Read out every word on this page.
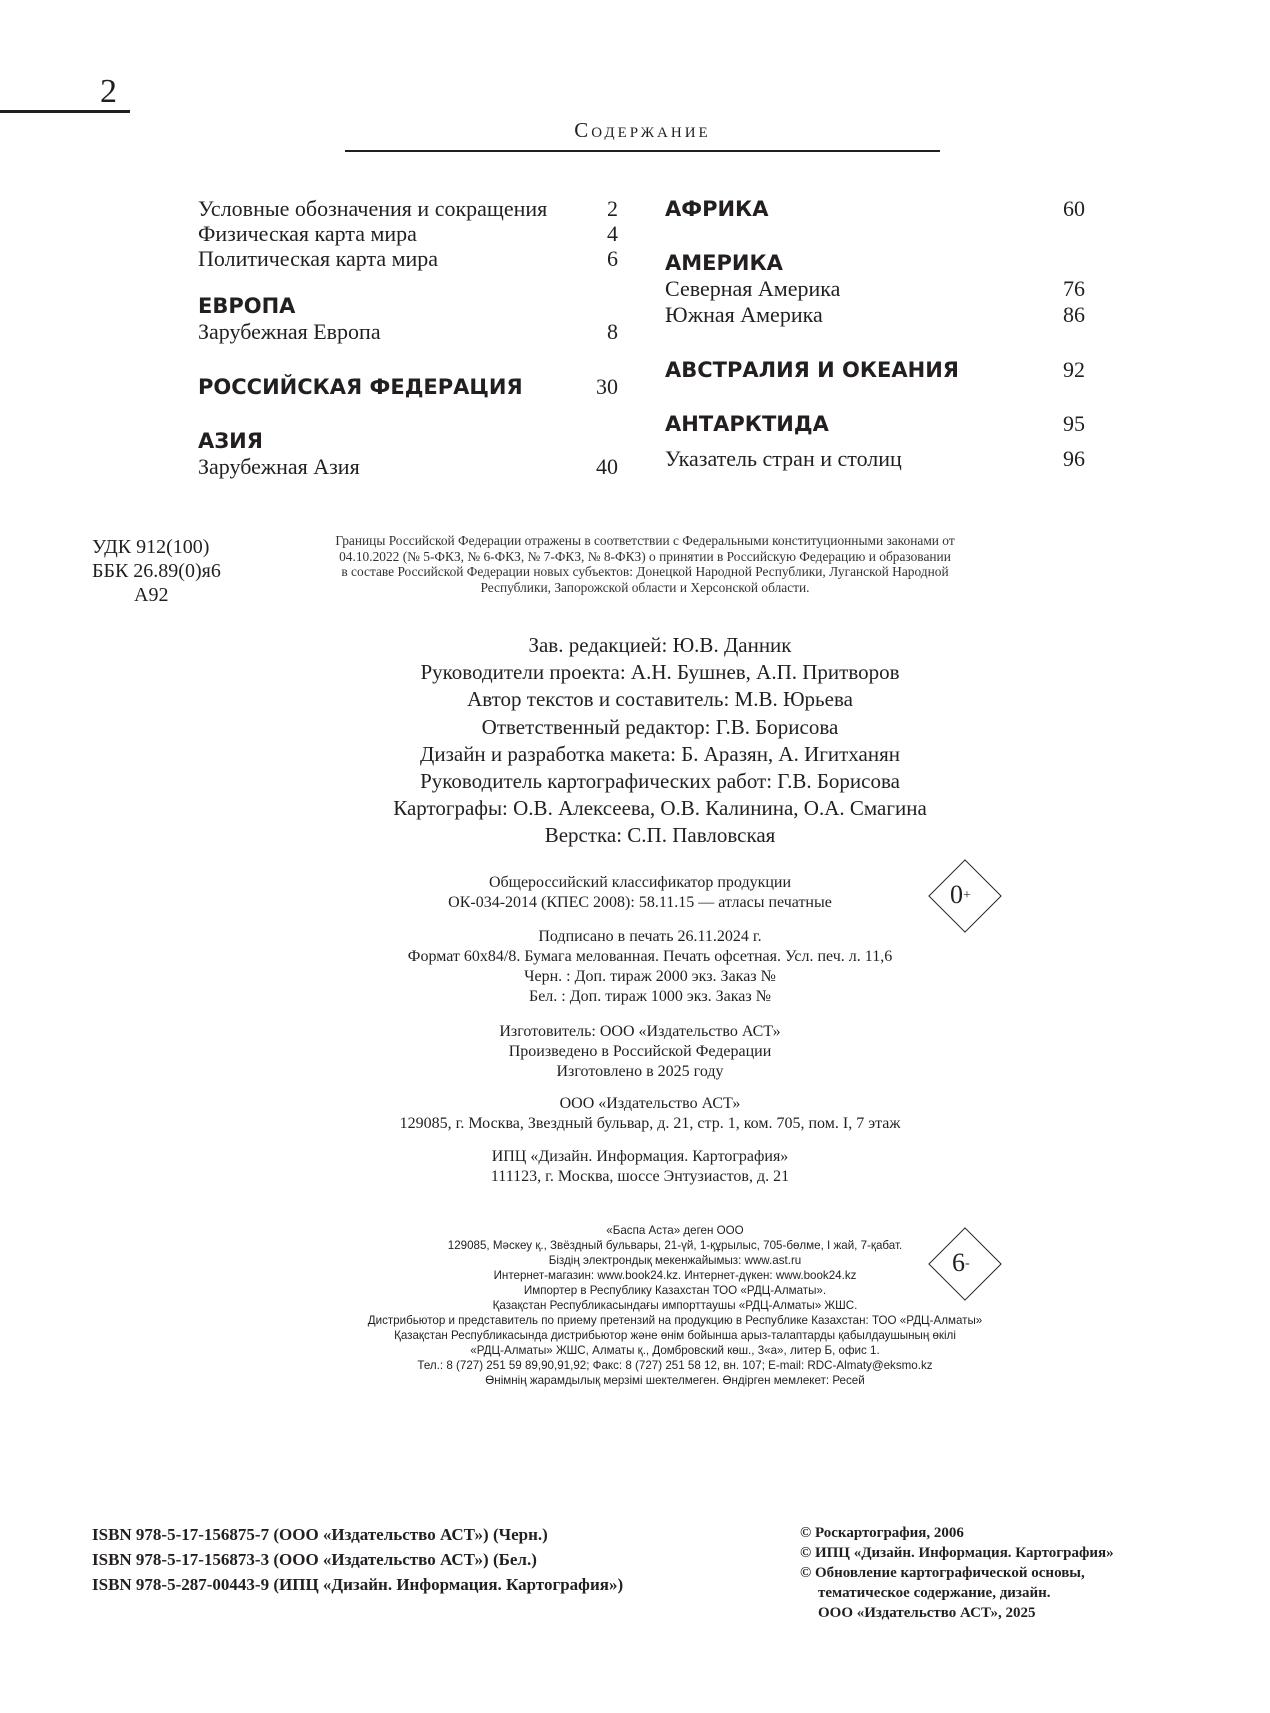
2
Содержание
Условные обозначения и сокращения	2
Физическая карта мира	4
Политическая карта мира	6
ЕВРОПА
Зарубежная Европа	8
РОССИЙСКАЯ ФЕДЕРАЦИЯ	30
АЗИЯ
Зарубежная Азия	40
АФРИКА	60
АМЕРИКА
Северная Америка	76
Южная Америка	86
АВСТРАЛИЯ И ОКЕАНИЯ	92
АНТАРКТИДА	95
Указатель стран и столиц	96
УДК 912(100)
ББК 26.89(0)я6
А92
Границы Российской Федерации отражены в соответствии с Федеральными конституционными законами от
04.10.2022 (№ 5-ФКЗ, № 6-ФКЗ, № 7-ФКЗ, № 8-ФКЗ) о принятии в Российскую Федерацию и образовании
в составе Российской Федерации новых субъектов: Донецкой Народной Республики, Луганской Народной
Республики, Запорожской области и Херсонской области.
Зав. редакцией: Ю.В. Данник
Руководители проекта: А.Н. Бушнев, А.П. Притворов
Автор текстов и составитель: М.В. Юрьева
Ответственный редактор: Г.В. Борисова
Дизайн и разработка макета: Б. Аразян, А. Игитханян
Руководитель картографических работ: Г.В. Борисова
Картографы: О.В. Алексеева, О.В. Калинина, О.А. Смагина
Верстка: С.П. Павловская
Общероссийский классификатор продукции
ОК-034-2014 (КПЕС 2008): 58.11.15 — атласы печатные	0+
Подписано в печать 26.11.2024 г.
Формат 60х84/8. Бумага мелованная. Печать офсетная. Усл. печ. л. 11,6
Черн. : Доп. тираж 2000 экз. Заказ №
Бел. : Доп. тираж 1000 экз. Заказ №
Изготовитель: ООО «Издательство АСТ»
Произведено в Российской Федерации
Изготовлено в 2025 году
ООО «Издательство АСТ»
129085, г. Москва, Звездный бульвар, д. 21, стр. 1, ком. 705, пом. I, 7 этаж
ИПЦ «Дизайн. Информация. Картография»
111123, г. Москва, шоссе Энтузиастов, д. 21
«Баспа Аста» деген ООО
129085, Мәскеу қ., Звёздный бульвары, 21-үй, 1-құрылыс, 705-бөлме, I жай, 7-қабат.
Біздің электрондық мекенжайымыз: www.ast.ru
Интернет-магазин: www.book24.kz. Интернет-дүкен: www.book24.kz
Импортер в Республику Казахстан ТОО «РДЦ-Алматы».
Қазақстан Республикасындағы импорттаушы «РДЦ-Алматы» ЖШС.
Дистрибьютор и представитель по приему претензий на продукцию в Республике Казахстан: ТОО «РДЦ-Алматы»
Қазақстан Республикасында дистрибьютор және өнім бойынша арыз-талаптарды қабылдаушының өкілі
«РДЦ-Алматы» ЖШС, Алматы қ., Домбровский көш., 3«а», литер Б, офис 1.
Тел.: 8 (727) 251 59 89,90,91,92; Факс: 8 (727) 251 58 12, вн. 107; E-mail: RDC-Almaty@eksmo.kz
Өнімнің жарамдылық мерзімі шектелмеген. Өндірген мемлекет: Ресей
6-
ISBN 978-5-17-156875-7 (ООО «Издательство АСТ») (Черн.)
ISBN 978-5-17-156873-3 (ООО «Издательство АСТ») (Бел.)
ISBN 978-5-287-00443-9 (ИПЦ «Дизайн. Информация. Картография»)
© Роскартография, 2006
© ИПЦ «Дизайн. Информация. Картография»
© Обновление картографической основы,
тематическое содержание, дизайн.
ООО «Издательство АСТ», 2025
